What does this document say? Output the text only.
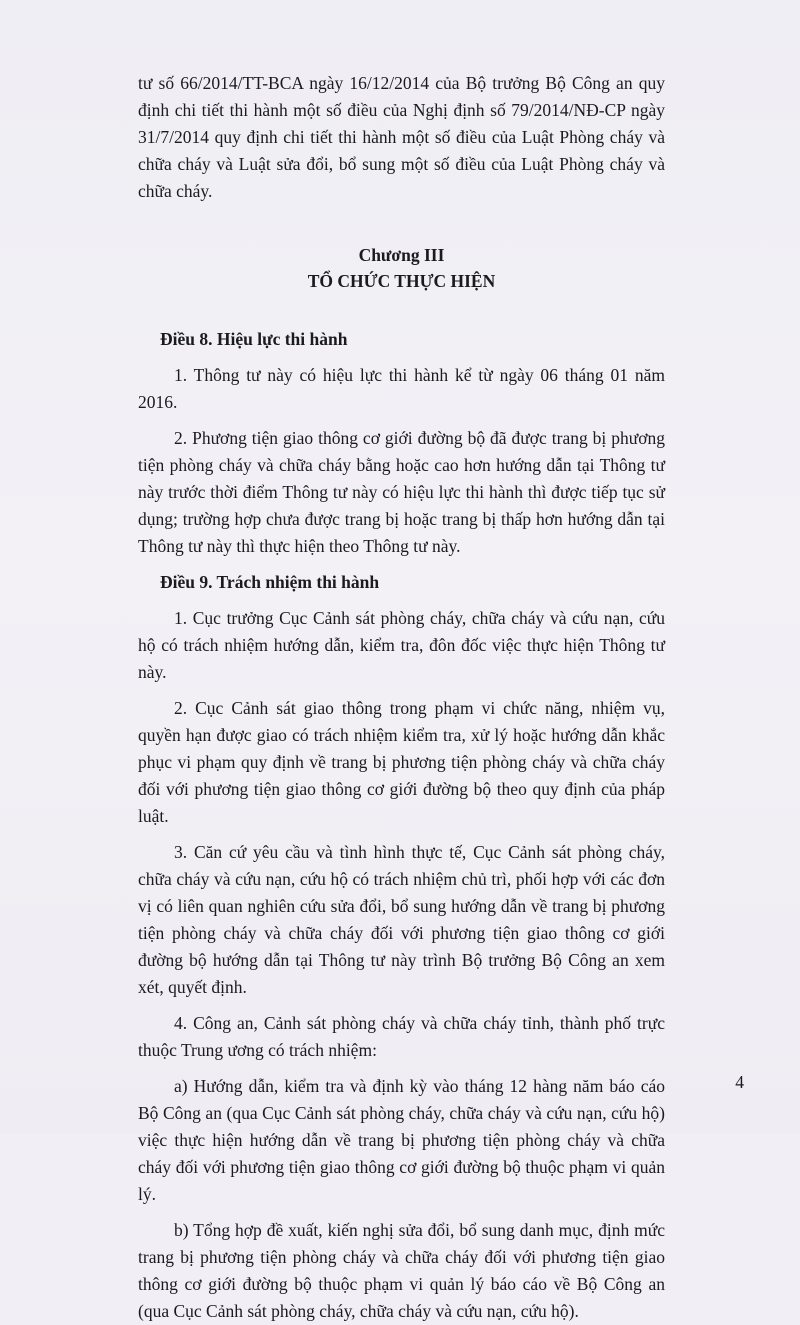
tư số 66/2014/TT-BCA ngày 16/12/2014 của Bộ trưởng Bộ Công an quy định chi tiết thi hành một số điều của Nghị định số 79/2014/NĐ-CP ngày 31/7/2014 quy định chi tiết thi hành một số điều của Luật Phòng cháy và chữa cháy và Luật sửa đổi, bổ sung một số điều của Luật Phòng cháy và chữa cháy.

Chương III

TỔ CHỨC THỰC HIỆN

Điều 8. Hiệu lực thi hành

1. Thông tư này có hiệu lực thi hành kể từ ngày 06 tháng 01 năm 2016.

2. Phương tiện giao thông cơ giới đường bộ đã được trang bị phương tiện phòng cháy và chữa cháy bằng hoặc cao hơn hướng dẫn tại Thông tư này trước thời điểm Thông tư này có hiệu lực thi hành thì được tiếp tục sử dụng; trường hợp chưa được trang bị hoặc trang bị thấp hơn hướng dẫn tại Thông tư này thì thực hiện theo Thông tư này.

Điều 9. Trách nhiệm thi hành

1. Cục trưởng Cục Cảnh sát phòng cháy, chữa cháy và cứu nạn, cứu hộ có trách nhiệm hướng dẫn, kiểm tra, đôn đốc việc thực hiện Thông tư này.

2. Cục Cảnh sát giao thông trong phạm vi chức năng, nhiệm vụ, quyền hạn được giao có trách nhiệm kiểm tra, xử lý hoặc hướng dẫn khắc phục vi phạm quy định về trang bị phương tiện phòng cháy và chữa cháy đối với phương tiện giao thông cơ giới đường bộ theo quy định của pháp luật.

3. Căn cứ yêu cầu và tình hình thực tế, Cục Cảnh sát phòng cháy, chữa cháy và cứu nạn, cứu hộ có trách nhiệm chủ trì, phối hợp với các đơn vị có liên quan nghiên cứu sửa đổi, bổ sung hướng dẫn về trang bị phương tiện phòng cháy và chữa cháy đối với phương tiện giao thông cơ giới đường bộ hướng dẫn tại Thông tư này trình Bộ trưởng Bộ Công an xem xét, quyết định.

4. Công an, Cảnh sát phòng cháy và chữa cháy tỉnh, thành phố trực thuộc Trung ương có trách nhiệm:

a) Hướng dẫn, kiểm tra và định kỳ vào tháng 12 hàng năm báo cáo Bộ Công an (qua Cục Cảnh sát phòng cháy, chữa cháy và cứu nạn, cứu hộ) việc thực hiện hướng dẫn về trang bị phương tiện phòng cháy và chữa cháy đối với phương tiện giao thông cơ giới đường bộ thuộc phạm vi quản lý.

b) Tổng hợp đề xuất, kiến nghị sửa đổi, bổ sung danh mục, định mức trang bị phương tiện phòng cháy và chữa cháy đối với phương tiện giao thông cơ giới đường bộ thuộc phạm vi quản lý báo cáo về Bộ Công an (qua Cục Cảnh sát phòng cháy, chữa cháy và cứu nạn, cứu hộ).

4
